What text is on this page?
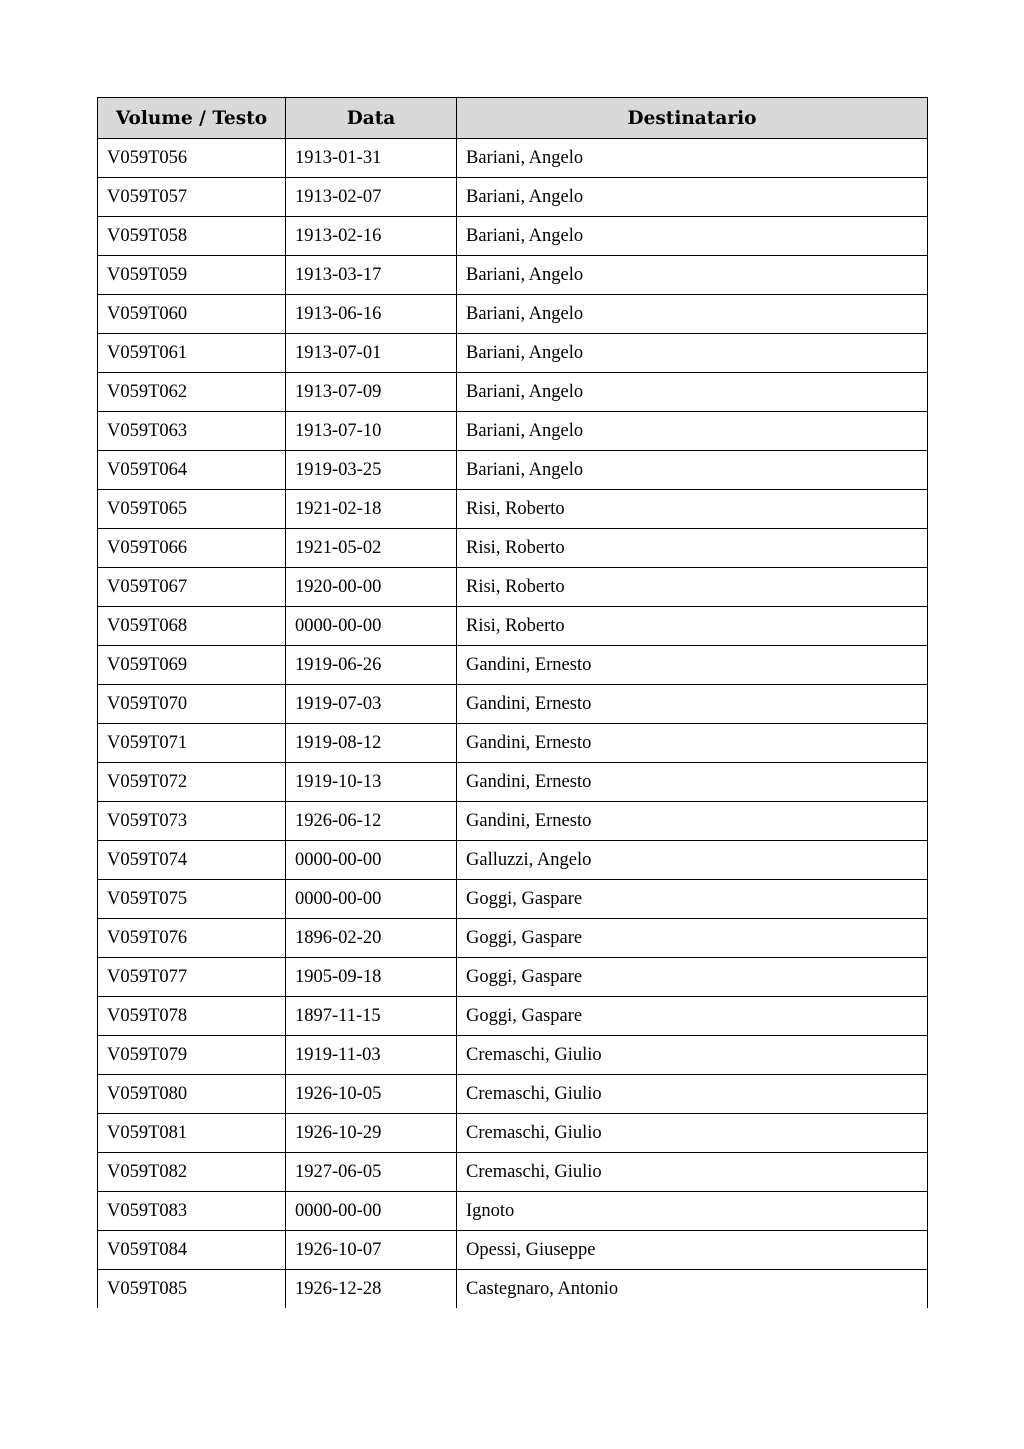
Volume / Testo	Data	Destinatario
V059T056	1913-01-31	Bariani, Angelo
V059T057	1913-02-07	Bariani, Angelo
V059T058	1913-02-16	Bariani, Angelo
V059T059	1913-03-17	Bariani, Angelo
V059T060	1913-06-16	Bariani, Angelo
V059T061	1913-07-01	Bariani, Angelo
V059T062	1913-07-09	Bariani, Angelo
V059T063	1913-07-10	Bariani, Angelo
V059T064	1919-03-25	Bariani, Angelo
V059T065	1921-02-18	Risi, Roberto
V059T066	1921-05-02	Risi, Roberto
V059T067	1920-00-00	Risi, Roberto
V059T068	0000-00-00	Risi, Roberto
V059T069	1919-06-26	Gandini, Ernesto
V059T070	1919-07-03	Gandini, Ernesto
V059T071	1919-08-12	Gandini, Ernesto
V059T072	1919-10-13	Gandini, Ernesto
V059T073	1926-06-12	Gandini, Ernesto
V059T074	0000-00-00	Galluzzi, Angelo
V059T075	0000-00-00	Goggi, Gaspare
V059T076	1896-02-20	Goggi, Gaspare
V059T077	1905-09-18	Goggi, Gaspare
V059T078	1897-11-15	Goggi, Gaspare
V059T079	1919-11-03	Cremaschi, Giulio
V059T080	1926-10-05	Cremaschi, Giulio
V059T081	1926-10-29	Cremaschi, Giulio
V059T082	1927-06-05	Cremaschi, Giulio
V059T083	0000-00-00	Ignoto
V059T084	1926-10-07	Opessi, Giuseppe
V059T085	1926-12-28	Castegnaro, Antonio
